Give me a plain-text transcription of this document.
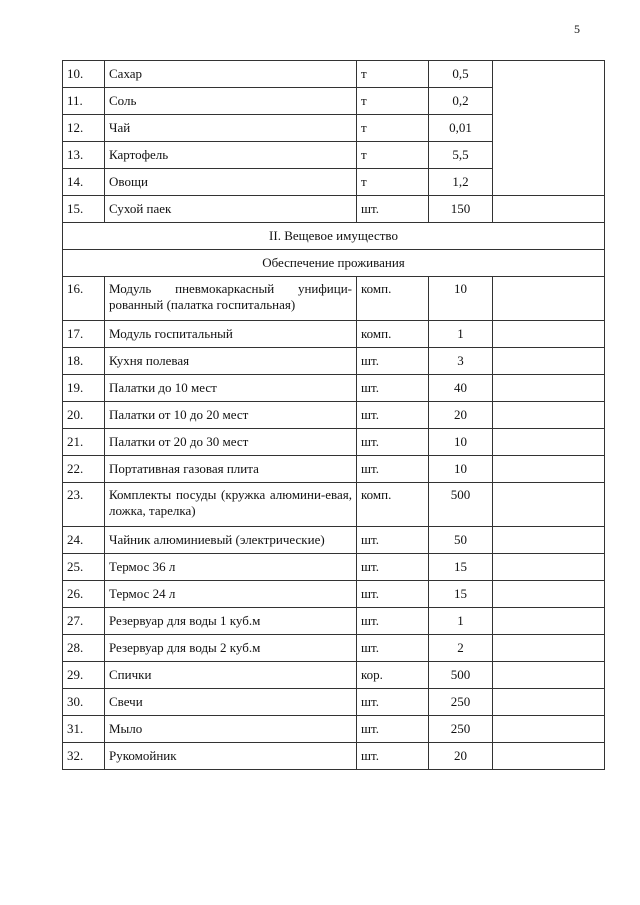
5
10.	Сахар	т	0,5	
11.	Соль	т	0,2	
12.	Чай	т	0,01	
13.	Картофель	т	5,5	
14.	Овощи	т	1,2	
15.	Сухой паек	шт.	150	
II. Вещевое имущество				
Обеспечение проживания				
16.	Модуль пневмокаркасный унифици-рованный (палатка госпитальная)	комп.	10	
17.	Модуль госпитальный	комп.	1	
18.	Кухня полевая	шт.	3	
19.	Палатки до 10 мест	шт.	40	
20.	Палатки от 10 до 20 мест	шт.	20	
21.	Палатки от 20 до 30 мест	шт.	10	
22.	Портативная газовая плита	шт.	10	
23.	Комплекты посуды (кружка алюмини-евая, ложка, тарелка)	комп.	500	
24.	Чайник алюминиевый (электрические)	шт.	50	
25.	Термос 36 л	шт.	15	
26.	Термос 24 л	шт.	15	
27.	Резервуар для воды 1 куб.м	шт.	1	
28.	Резервуар для воды 2 куб.м	шт.	2	
29.	Спички	кор.	500	
30.	Свечи	шт.	250	
31.	Мыло	шт.	250	
32.	Рукомойник	шт.	20	
